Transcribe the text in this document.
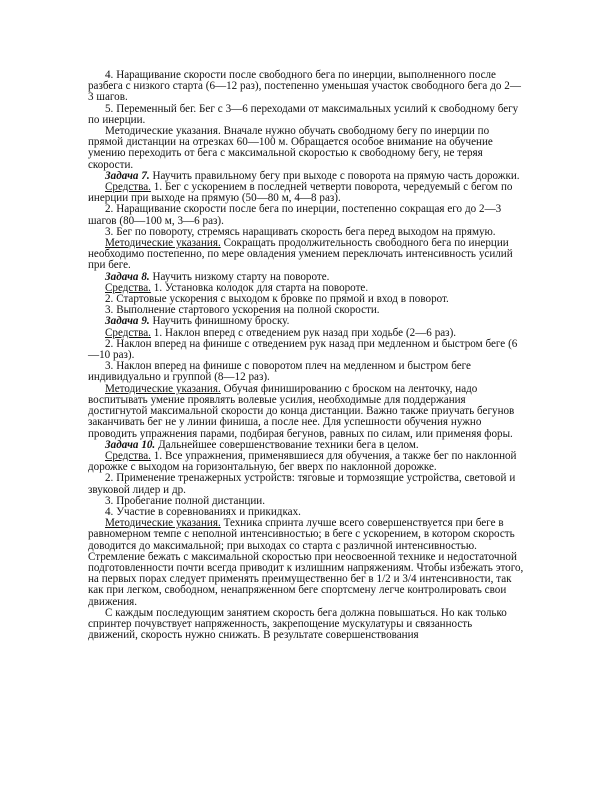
4. Наращивание скорости после свободного бега по инерции, выполненного после разбега с низкого старта (6—12 раз), постепенно уменьшая участок свободного бега до 2—3 шагов.

5. Переменный бег. Бег с 3—6 переходами от максимальных усилий к свободному бегу по инерции.

Методические указания. Вначале нужно обучать свободному бегу по инерции по прямой дистанции на отрезках 60—100 м. Обращается особое внимание на обучение умению переходить от бега с максимальной скоростью к свободному бегу, не теряя скорости.

Задача 7. Научить правильному бегу при выходе с поворота на прямую часть дорожки.

Средства. 1. Бег с ускорением в последней четверти поворота, чередуемый с бегом по инерции при выходе на прямую (50—80 м, 4—8 раз).

2. Наращивание скорости после бега по инерции, постепенно сокращая его до 2—3 шагов (80—100 м, 3—6 раз).

3. Бег по повороту, стремясь наращивать скорость бега перед выходом на прямую.

Методические указания. Сокращать продолжительность свободного бега по инерции необходимо постепенно, по мере овладения умением переключать интенсивность усилий при беге.

Задача 8. Научить низкому старту на повороте.

Средства. 1. Установка колодок для старта на повороте.

2. Стартовые ускорения с выходом к бровке по прямой и вход в поворот.

3. Выполнение стартового ускорения на полной скорости.

Задача 9. Научить финишному броску.

Средства. 1. Наклон вперед с отведением рук назад при ходьбе (2—6 раз).

2. Наклон вперед на финише с отведением рук назад при медленном и быстром беге (6—10 раз).

3. Наклон вперед на финише с поворотом плеч на медленном и быстром беге индивидуально и группой (8—12 раз).

Методические указания. Обучая финишированию с броском на ленточку, надо воспитывать умение проявлять волевые усилия, необходимые для поддержания достигнутой максимальной скорости до конца дистанции. Важно также приучать бегунов заканчивать бег не у линии финиша, а после нее. Для успешности обучения нужно проводить упражнения парами, подбирая бегунов, равных по силам, или применяя форы.

Задача 10. Дальнейшее совершенствование техники бега в целом.

Средства. 1. Все упражнения, применявшиеся для обучения, а также бег по наклонной дорожке с выходом на горизонтальную, бег вверх по наклонной дорожке.

2. Применение тренажерных устройств: тяговые и тормозящие устройства, световой и звуковой лидер и др.

3. Пробегание полной дистанции.

4. Участие в соревнованиях и прикидках.

Методические указания. Техника спринта лучше всего совершенствуется при беге в равномерном темпе с неполной интенсивностью; в беге с ускорением, в котором скорость доводится до максимальной; при выходах со старта с различной интенсивностью. Стремление бежать с максимальной скоростью при неосвоенной технике и недостаточной подготовленности почти всегда приводит к излишним напряжениям. Чтобы избежать этого, на первых порах следует применять преимущественно бег в 1/2 и 3/4 интенсивности, так как при легком, свободном, ненапряженном беге спортсмену легче контролировать свои движения.

С каждым последующим занятием скорость бега должна повышаться. Но как только спринтер почувствует напряженность, закрепощение мускулатуры и связанность движений, скорость нужно снижать. В результате совершенствования
